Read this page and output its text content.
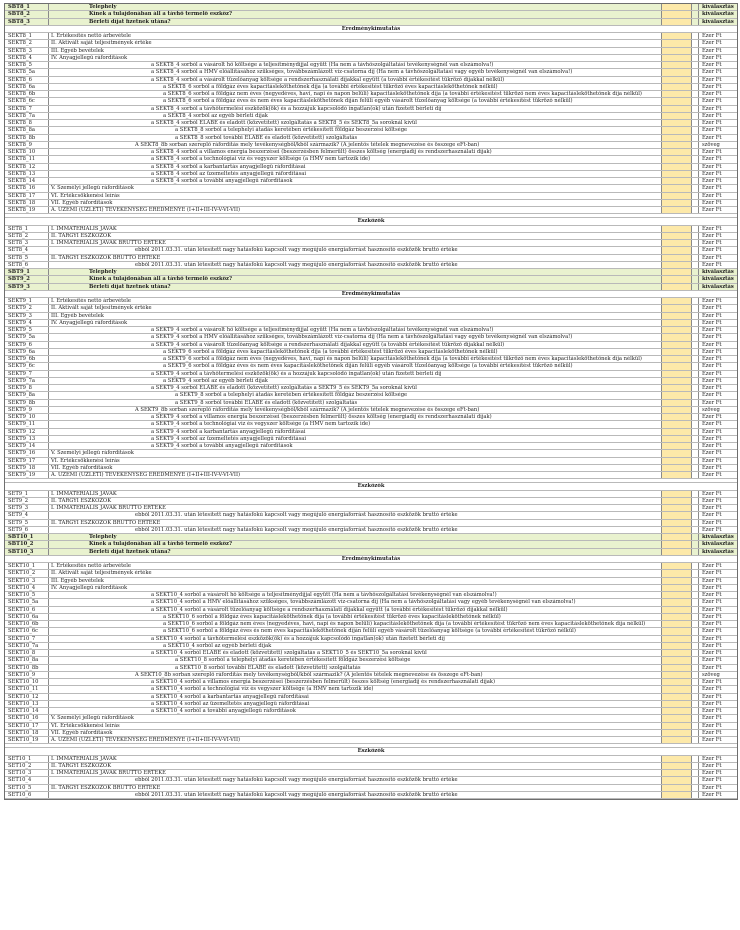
SBT8_1	Telephely	kiválasztás
SBT8_2	Kinek a tulajdonában áll a távhő termelő eszköz?	kiválasztás
SBT8_3	Bérleti díjat fizetnek utána?	kiválasztás
Eredménykimutatás
SEKT8_1	I. Értékesítés nettó árbevétele	Ezer Ft
SEKT8_2	II. Aktivált saját teljesítmények értéke	Ezer Ft
SEKT8_3	III. Egyéb bevételek	Ezer Ft
SEKT8_4	IV. Anyagjellegű ráfordítások	Ezer Ft
SEKT8_5	a SEKT8_4 sorból a vásárolt hő költsége a teljesítménydíjjal együtt (Ha nem a távhőszolgáltatási tevékenységnél van elszámolva!)	Ezer Ft
SEKT8_5a	a SEKT8_4 sorból a HMV előállításához szükséges, továbbszámlázott víz-csatorna díj (Ha nem a távhőszolgáltatási vagy egyéb tevékenységnél van elszámolva!)	Ezer Ft
SEKT8_6	a SEKT8_4 sorból a vásárolt tüzelőanyag költsége a rendszerhasználati díjakkal együtt (a további értékesítést tükröző díjakkal nélkül)	Ezer Ft
SEKT8_6a	a SEKT8_6 sorból a földgáz éves kapacitásleköthetőnek díja (a további értékesítést tükröző éves kapacitásleköthetőnek nélkül)	Ezer Ft
SEKT8_6b	a SEKT8_6 sorból a földgáz nem éves (negyedéves, havi, napi és napon belüli) kapacitásleköthetőnek díja (a további értékesítést tükröző nem éves kapacitásleköthetőnek díja nélkül)	Ezer Ft
SEKT8_6c	a SEKT8_6 sorból a földgáz éves és nem éves kapacitásleköthetőnek díján felüli egyéb vásárolt tüzelőanyag költsége (a további értékesítést tükröző nélkül)	Ezer Ft
SEKT8_7	a SEKT8_4 sorból a távhőtermelési eszközök(ök) és a hozzájuk kapcsolódó ingatlan(ok) után fizetett bérleti díj	Ezer Ft
SEKT8_7a	a SEKT8_4 sorból az egyéb bérleti díjak	Ezer Ft
SEKT8_8	a SEKT8_4 sorból ELÁBÉ és eladott (közvetített) szolgáltatás a SEKT8_5 és SEKT8_5a soroknál kívül	Ezer Ft
SEKT8_8a	a SEKT8_8 sorból a telephelyi átadás keretében értékesített földgáz beszerzési költsége	Ezer Ft
SEKT8_8b	a SEKT8_8 sorból további ELÁBÉ és eladott (közvetített) szolgáltatás	Ezer Ft
SEKT8_9	A SEKT8_8b sorban szereplő ráfordítás mely tevékenységből/kből származik? (A jelentős tételek megnevezése és összege eFt-ban)	szöveg
SEKT8_10	a SEKT8_4 sorból a villamos energia beszerzései (beszerzésben felmerült) összes költség (energiadíj és rendszerhasználati díjak)	Ezer Ft
SEKT8_11	a SEKT8_4 sorból a technológiai víz és vegyszer költsége (a HMV nem tartozik ide)	Ezer Ft
SEKT8_12	a SEKT8_4 sorból a karbantartás anyagjellegű ráfordításai	Ezer Ft
SEKT8_13	a SEKT8_4 sorból az üzemeltetés anyagjellegű ráfordításai	Ezer Ft
SEKT8_14	a SEKT8_4 sorból a további anyagjellegű ráfordítások	Ezer Ft
SEKT8_16	V. Személyi jellegű ráfordítások	Ezer Ft
SEKT8_17	VI. Értékcsökkenési leírás	Ezer Ft
SEKT8_18	VII. Egyéb ráfordítások	Ezer Ft
SEKT8_19	A. ÜZEMI (ÜZLETI) TEVÉKENYSÉG EREDMÉNYE (I+II+III-IV-V-VI-VII)	Ezer Ft
Eszközök
SET8_1	I. IMMATERIÁLIS JAVAK	Ezer Ft
SET8_2	II. TÁRGYI ESZKÖZÖK	Ezer Ft
SET8_3	I. IMMATERIÁLIS JAVAK BRUTTÓ ÉRTÉKE	Ezer Ft
SET8_4	ebből 2011.03.31. után létesített nagy hatásfokú kapcsolt vagy megújuló energiaforrást hasznosító eszközök bruttó értéke	Ezer Ft
SET8_5	II. TÁRGYI ESZKÖZÖK BRUTTÓ ÉRTÉKE	Ezer Ft
SET8_6	ebből 2011.03.31. után létesített nagy hatásfokú kapcsolt vagy megújuló energiaforrást hasznosító eszközök bruttó értéke	Ezer Ft
SBT9_1	Telephely	kiválasztás
SBT9_2	Kinek a tulajdonában áll a távhő termelő eszköz?	kiválasztás
SBT9_3	Bérleti díjat fizetnek utána?	kiválasztás
Eredménykimutatás
SEKT9_1	I. Értékesítés nettó árbevétele	Ezer Ft
SEKT9_2	II. Aktivált saját teljesítmények értéke	Ezer Ft
SEKT9_3	III. Egyéb bevételek	Ezer Ft
SEKT9_4	IV. Anyagjellegű ráfordítások	Ezer Ft
SEKT9_5	a SEKT9_4 sorból a vásárolt hő költsége a teljesítménydíjjal együtt (Ha nem a távhőszolgáltatási tevékenységnél van elszámolva!)	Ezer Ft
SEKT9_5a	a SEKT9_4 sorból a HMV előállításához szükséges, továbbszámlázott víz-csatorna díj (Ha nem a távhőszolgáltatási vagy egyéb tevékenységnél van elszámolva!)	Ezer Ft
SEKT9_6	a SEKT9_4 sorból a vásárolt tüzelőanyag költsége a rendszerhasználati díjakkal együtt (a további értékesítést tükröző díjakkal nélkül)	Ezer Ft
SEKT9_6a	a SEKT9_6 sorból a földgáz éves kapacitásleköthetőnek díja (a további értékesítést tükröző éves kapacitásleköthetőnek nélkül)	Ezer Ft
SEKT9_6b	a SEKT9_6 sorból a földgáz nem éves (negyedéves, havi, napi és napon belüli) kapacitásleköthetőnek díja (a további értékesítést tükröző nem éves kapacitásleköthetőnek díja nélkül)	Ezer Ft
SEKT9_6c	a SEKT9_6 sorból a földgáz éves és nem éves kapacitásleköthetőnek díján felüli egyéb vásárolt tüzelőanyag költsége (a további értékesítést tükröző nélkül)	Ezer Ft
SEKT9_7	a SEKT9_4 sorból a távhőtermelési eszközök(ök) és a hozzájuk kapcsolódó ingatlan(ok) után fizetett bérleti díj	Ezer Ft
SEKT9_7a	a SEKT9_4 sorból az egyéb bérleti díjak	Ezer Ft
SEKT9_8	a SEKT9_4 sorból ELÁBÉ és eladott (közvetített) szolgáltatás a SEKT9_5 és SEKT9_5a soroknál kívül	Ezer Ft
SEKT9_8a	a SEKT9_8 sorból a telephelyi átadás keretében értékesített földgáz beszerzési költsége	Ezer Ft
SEKT9_8b	a SEKT9_8 sorból további ELÁBÉ és eladott (közvetített) szolgáltatás	Ezer Ft
SEKT9_9	A SEKT9_8b sorban szereplő ráfordítás mely tevékenységből/kből származik? (A jelentős tételek megnevezése és összege eFt-ban)	szöveg
SEKT9_10	a SEKT9_4 sorból a villamos energia beszerzései (beszerzésben felmerült) összes költség (energiadíj és rendszerhasználati díjak)	Ezer Ft
SEKT9_11	a SEKT9_4 sorból a technológiai víz és vegyszer költsége (a HMV nem tartozik ide)	Ezer Ft
SEKT9_12	a SEKT9_4 sorból a karbantartás anyagjellegű ráfordításai	Ezer Ft
SEKT9_13	a SEKT9_4 sorból az üzemeltetés anyagjellegű ráfordításai	Ezer Ft
SEKT9_14	a SEKT9_4 sorból a további anyagjellegű ráfordítások	Ezer Ft
SEKT9_16	V. Személyi jellegű ráfordítások	Ezer Ft
SEKT9_17	VI. Értékcsökkenési leírás	Ezer Ft
SEKT9_18	VII. Egyéb ráfordítások	Ezer Ft
SEKT9_19	A. ÜZEMI (ÜZLETI) TEVÉKENYSÉG EREDMÉNYE (I+II+III-IV-V-VI-VII)	Ezer Ft
Eszközök
SET9_1	I. IMMATERIÁLIS JAVAK	Ezer Ft
SET9_2	II. TÁRGYI ESZKÖZÖK	Ezer Ft
SET9_3	I. IMMATERIÁLIS JAVAK BRUTTÓ ÉRTÉKE	Ezer Ft
SET9_4	ebből 2011.03.31. után létesített nagy hatásfokú kapcsolt vagy megújuló energiaforrást hasznosító eszközök bruttó értéke	Ezer Ft
SET9_5	II. TÁRGYI ESZKÖZÖK BRUTTÓ ÉRTÉKE	Ezer Ft
SET9_6	ebből 2011.03.31. után létesített nagy hatásfokú kapcsolt vagy megújuló energiaforrást hasznosító eszközök bruttó értéke	Ezer Ft
SBT10_1	Telephely	kiválasztás
SBT10_2	Kinek a tulajdonában áll a távhő termelő eszköz?	kiválasztás
SBT10_3	Bérleti díjat fizetnek utána?	kiválasztás
Eredménykimutatás
SEKT10_1	I. Értékesítés nettó árbevétele	Ezer Ft
SEKT10_2	II. Aktivált saját teljesítmények értéke	Ezer Ft
SEKT10_3	III. Egyéb bevételek	Ezer Ft
SEKT10_4	IV. Anyagjellegű ráfordítások	Ezer Ft
SEKT10_5	a SEKT10_4 sorból a vásárolt hő költsége a teljesítménydíjjal együtt (Ha nem a távhőszolgáltatási tevékenységnél van elszámolva!)	Ezer Ft
SEKT10_5a	a SEKT10_4 sorból a HMV előállításához szükséges, továbbszámlázott víz-csatorna díj (Ha nem a távhőszolgáltatási vagy egyéb tevékenységnél van elszámolva!)	Ezer Ft
SEKT10_6	a SEKT10_4 sorból a vásárolt tüzelőanyag költsége a rendszerhasználati díjakkal együtt (a további értékesítést tükröző díjakkal nélkül)	Ezer Ft
SEKT10_6a	a SEKT10_6 sorból a földgáz éves kapacitásleköthetőnek díja (a további értékesítést tükröző éves kapacitásleköthetőnek nélkül)	Ezer Ft
SEKT10_6b	a SEKT10_6 sorból a földgáz nem éves (negyedéves, havi, napi és napon belüli) kapacitásleköthetőnek díja (a további értékesítést tükröző nem éves kapacitásleköthetőnek díja nélkül)	Ezer Ft
SEKT10_6c	a SEKT10_6 sorból a földgáz éves és nem éves kapacitásleköthetőnek díján felüli egyéb vásárolt tüzelőanyag költsége (a további értékesítést tükröző nélkül)	Ezer Ft
SEKT10_7	a SEKT10_4 sorból a távhőtermelési eszközök(ök) és a hozzájuk kapcsolódó ingatlan(ok) után fizetett bérleti díj	Ezer Ft
SEKT10_7a	a SEKT10_4 sorból az egyéb bérleti díjak	Ezer Ft
SEKT10_8	a SEKT10_4 sorból ELÁBÉ és eladott (közvetített) szolgáltatás a SEKT10_5 és SEKT10_5a soroknál kívül	Ezer Ft
SEKT10_8a	a SEKT10_8 sorból a telephelyi átadás keretében értékesített földgáz beszerzési költsége	Ezer Ft
SEKT10_8b	a SEKT10_8 sorból további ELÁBÉ és eladott (közvetített) szolgáltatás	Ezer Ft
SEKT10_9	A SEKT10_8b sorban szereplő ráfordítás mely tevékenységből/kből származik? (A jelentős tételek megnevezése és összege eFt-ban)	szöveg
SEKT10_10	a SEKT10_4 sorból a villamos energia beszerzései (beszerzésben felmerült) összes költség (energiadíj és rendszerhasználati díjak)	Ezer Ft
SEKT10_11	a SEKT10_4 sorból a technológiai víz és vegyszer költsége (a HMV nem tartozik ide)	Ezer Ft
SEKT10_12	a SEKT10_4 sorból a karbantartás anyagjellegű ráfordításai	Ezer Ft
SEKT10_13	a SEKT10_4 sorból az üzemeltetés anyagjellegű ráfordításai	Ezer Ft
SEKT10_14	a SEKT10_4 sorból a további anyagjellegű ráfordítások	Ezer Ft
SEKT10_16	V. Személyi jellegű ráfordítások	Ezer Ft
SEKT10_17	VI. Értékcsökkenési leírás	Ezer Ft
SEKT10_18	VII. Egyéb ráfordítások	Ezer Ft
SEKT10_19	A. ÜZEMI (ÜZLETI) TEVÉKENYSÉG EREDMÉNYE (I+II+III-IV-V-VI-VII)	Ezer Ft
Eszközök
SET10_1	I. IMMATERIÁLIS JAVAK	Ezer Ft
SET10_2	II. TÁRGYI ESZKÖZÖK	Ezer Ft
SET10_3	I. IMMATERIÁLIS JAVAK BRUTTÓ ÉRTÉKE	Ezer Ft
SET10_4	ebből 2011.03.31. után létesített nagy hatásfokú kapcsolt vagy megújuló energiaforrást hasznosító eszközök bruttó értéke	Ezer Ft
SET10_5	II. TÁRGYI ESZKÖZÖK BRUTTÓ ÉRTÉKE	Ezer Ft
SET10_6	ebből 2011.03.31. után létesített nagy hatásfokú kapcsolt vagy megújuló energiaforrást hasznosító eszközök bruttó értéke	Ezer Ft
